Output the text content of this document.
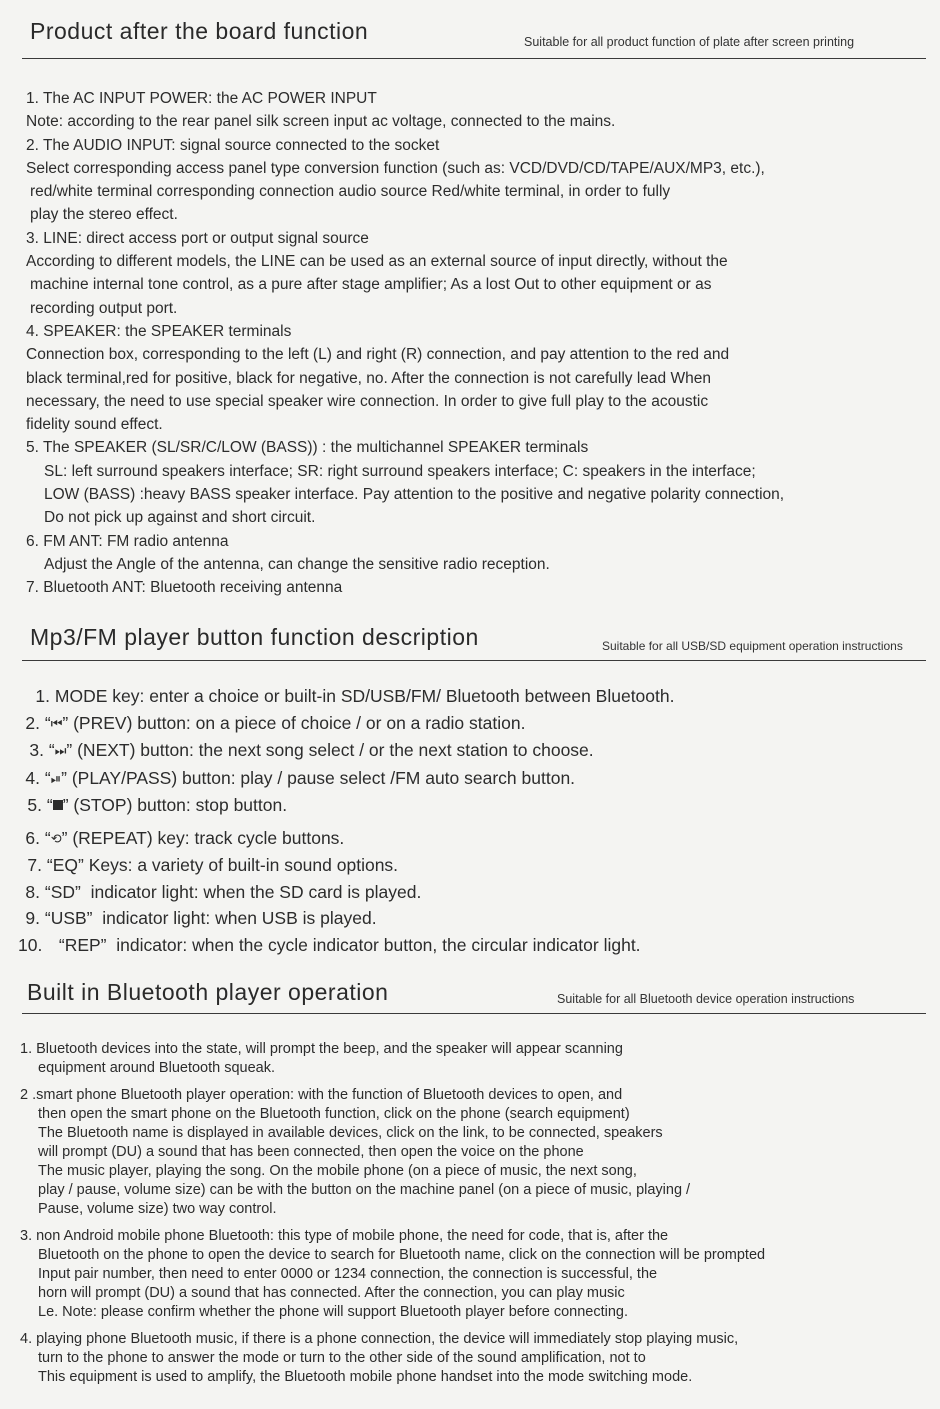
Product after the board function	Suitable for all product function of plate after screen printing
1. The AC INPUT POWER: the AC POWER INPUT
Note: according to the rear panel silk screen input ac voltage, connected to the mains.
2. The AUDIO INPUT: signal source connected to the socket
Select corresponding access panel type conversion function (such as: VCD/DVD/CD/TAPE/AUX/MP3, etc.),
red/white terminal corresponding connection audio source Red/white terminal, in order to fully
play the stereo effect.
3. LINE: direct access port or output signal source
According to different models, the LINE can be used as an external source of input directly, without the
machine internal tone control, as a pure after stage amplifier; As a lost Out to other equipment or as
recording output port.
4. SPEAKER: the SPEAKER terminals
Connection box, corresponding to the left (L) and right (R) connection, and pay attention to the red and
black terminal,red for positive, black for negative, no. After the connection is not carefully lead When
necessary, the need to use special speaker wire connection. In order to give full play to the acoustic
fidelity sound effect.
5. The SPEAKER (SL/SR/C/LOW (BASS)) : the multichannel SPEAKER terminals
SL: left surround speakers interface; SR: right surround speakers interface; C: speakers in the interface;
LOW (BASS) :heavy BASS speaker interface. Pay attention to the positive and negative polarity connection,
Do not pick up against and short circuit.
6. FM ANT: FM radio antenna
Adjust the Angle of the antenna, can change the sensitive radio reception.
7. Bluetooth ANT: Bluetooth receiving antenna
Mp3/FM player button function description	Suitable for all USB/SD equipment operation instructions
1. MODE key: enter a choice or built-in SD/USB/FM/ Bluetooth between Bluetooth.
2. “⏮” (PREV) button: on a piece of choice / or on a radio station.
3. “⏭” (NEXT) button: the next song select / or the next station to choose.
4. “⏯” (PLAY/PASS) button: play / pause select /FM auto search button.
5. “ ” (STOP) button: stop button.
6. “⟲” (REPEAT) key: track cycle buttons.
7. “EQ” Keys: a variety of built-in sound options.
8. “SD” indicator light: when the SD card is played.
9. “USB” indicator light: when USB is played.
10. “REP” indicator: when the cycle indicator button, the circular indicator light.
Built in Bluetooth player operation	Suitable for all Bluetooth device operation instructions
1. Bluetooth devices into the state, will prompt the beep, and the speaker will appear scanning
equipment around Bluetooth squeak.
2 .smart phone Bluetooth player operation: with the function of Bluetooth devices to open, and
then open the smart phone on the Bluetooth function, click on the phone (search equipment)
The Bluetooth name is displayed in available devices, click on the link, to be connected, speakers
will prompt (DU) a sound that has been connected, then open the voice on the phone
The music player, playing the song. On the mobile phone (on a piece of music, the next song,
play / pause, volume size) can be with the button on the machine panel (on a piece of music, playing /
Pause, volume size) two way control.
3. non Android mobile phone Bluetooth: this type of mobile phone, the need for code, that is, after the
Bluetooth on the phone to open the device to search for Bluetooth name, click on the connection will be prompted
Input pair number, then need to enter 0000 or 1234 connection, the connection is successful, the
horn will prompt (DU) a sound that has connected. After the connection, you can play music
Le. Note: please confirm whether the phone will support Bluetooth player before connecting.
4. playing phone Bluetooth music, if there is a phone connection, the device will immediately stop playing music,
turn to the phone to answer the mode or turn to the other side of the sound amplification, not to
This equipment is used to amplify, the Bluetooth mobile phone handset into the mode switching mode.
